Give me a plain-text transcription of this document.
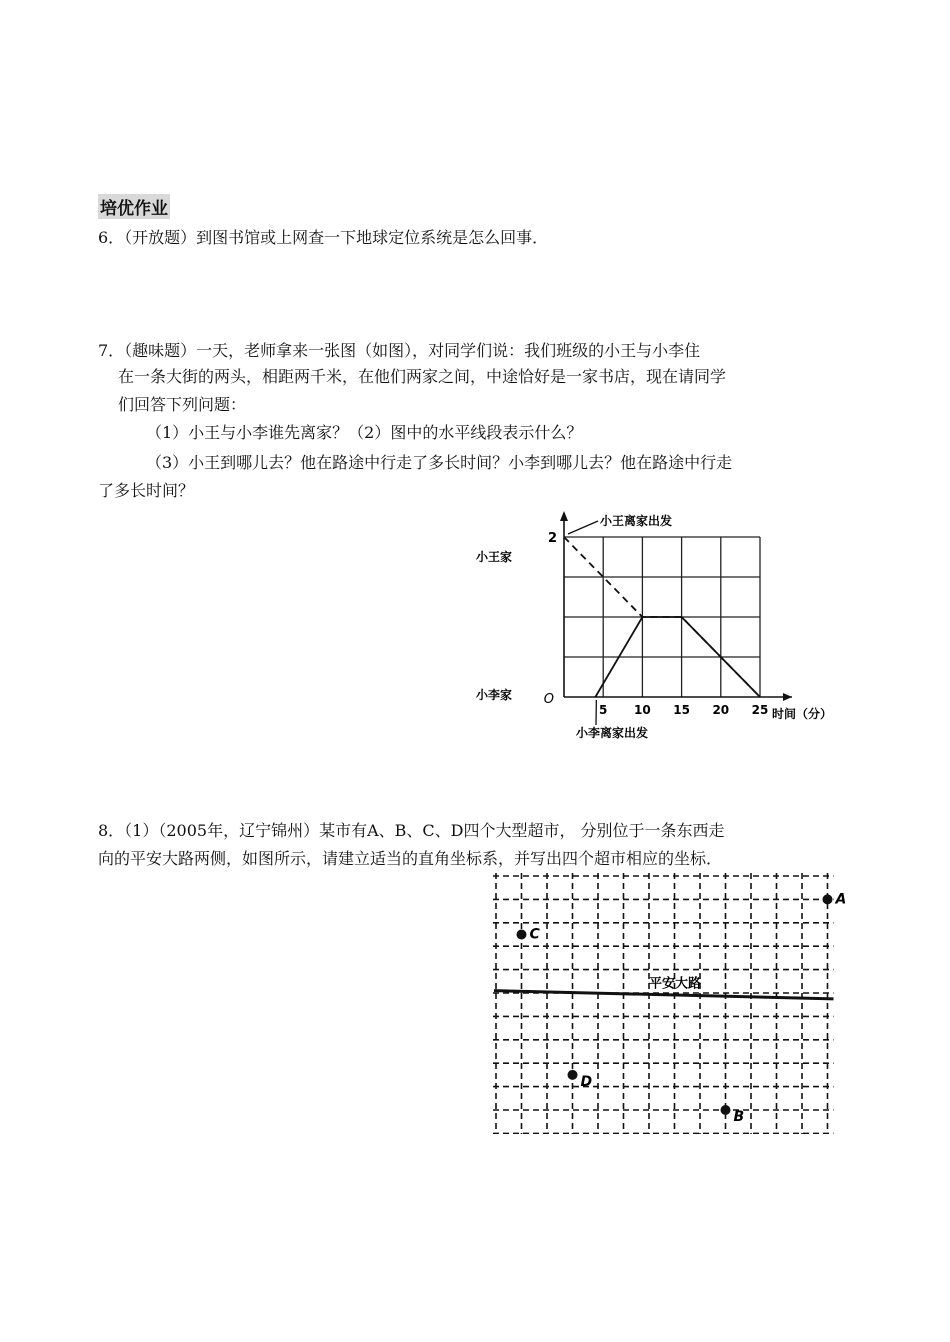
培优作业
6．（开放题）到图书馆或上网查一下地球定位系统是怎么回事．
7．（趣味题）一天，老师拿来一张图（如图），对同学们说：我们班级的小王与小李住
在一条大街的两头，相距两千米，在他们两家之间，中途恰好是一家书店，现在请同学
们回答下列问题：
（1）小王与小李谁先离家？（2）图中的水平线段表示什么？
（3）小王到哪儿去？他在路途中行走了多长时间？小李到哪儿去？他在路途中行走
了多长时间？
2
O
5 10 15 20 25 时间（分）
小王家
小李家
小王离家出发
小李离家出发
8．（1）（2005年，辽宁锦州）某市有A、B、C、D四个大型超市， 分别位于一条东西走
向的平安大路两侧，如图所示，请建立适当的直角坐标系，并写出四个超市相应的坐标．
平安大路
A
C
D
B
